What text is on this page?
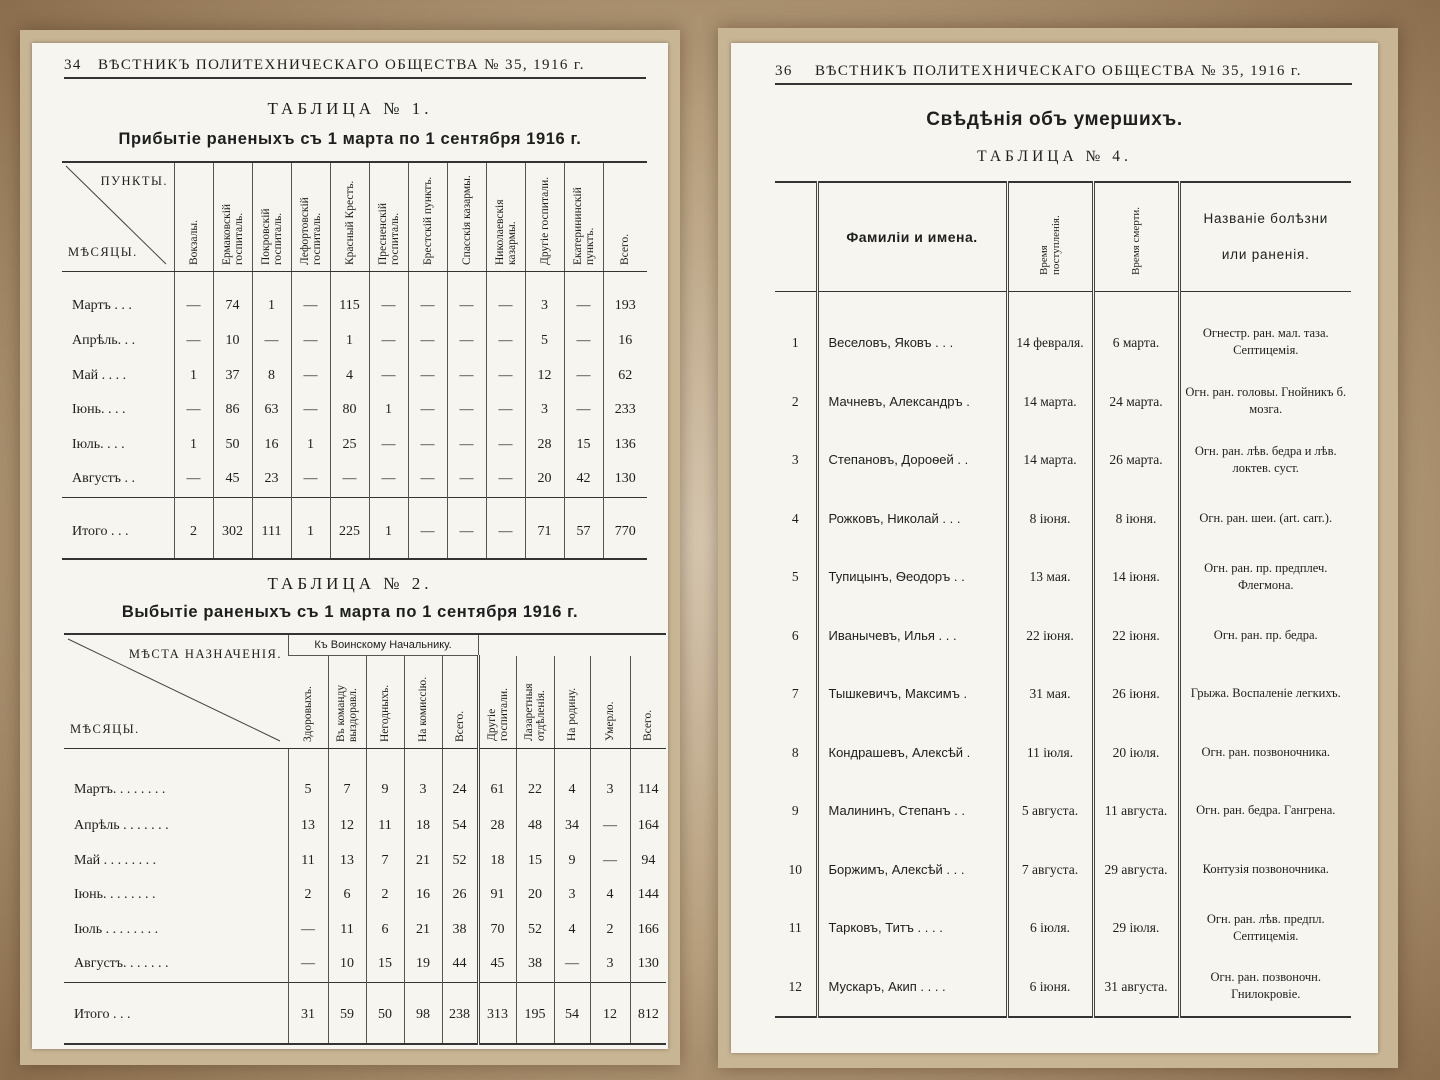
34 ВѢСТНИКЪ ПОЛИТЕХНИЧЕСКАГО ОБЩЕСТВА № 35, 1916 г.
ТАБЛИЦА № 1.
Прибытіе раненыхъ съ 1 марта по 1 сентября 1916 г.
ПУНКТЫ.
МѢСЯЦЫ.	Вокзалы.	Ермаковскій госпиталь.	Покровскій госпиталь.	Лефортовскій госпиталь.	Красный Крестъ.	Пресненскій госпиталь.	Брестскій пунктъ.	Спасскія казармы.	Николаевскія казармы.	Другіе госпитали.	Екатерининскій пунктъ.	Всего.
Мартъ . . .	—	74	1	—	115	—	—	—	—	3	—	193
Апрѣль. . .	—	10	—	—	1	—	—	—	—	5	—	16
Май . . . .	1	37	8	—	4	—	—	—	—	12	—	62
Іюнь. . . .	—	86	63	—	80	1	—	—	—	3	—	233
Іюль. . . .	1	50	16	1	25	—	—	—	—	28	15	136
Августъ . .	—	45	23	—	—	—	—	—	—	20	42	130
Итого . . .	2	302	111	1	225	1	—	—	—	71	57	770
ТАБЛИЦА № 2.
Выбытіе раненыхъ съ 1 марта по 1 сентября 1916 г.
МѢСТА НАЗНАЧЕНІЯ.
МѢСЯЦЫ.	Къ Воинскому Начальнику.									
	Здоровыхъ.	Въ команду выздоравл.	Негодныхъ.	На комиссію.	Всего.	Другіе госпитали.	Лазаретныя отдѣленія.	На родину.	Умерло.	Всего.
Мартъ. . . . . . . .	5	7	9	3	24	61	22	4	3	114
Апрѣль . . . . . . .	13	12	11	18	54	28	48	34	—	164
Май . . . . . . . .	11	13	7	21	52	18	15	9	—	94
Іюнь. . . . . . . .	2	6	2	16	26	91	20	3	4	144
Іюль . . . . . . . .	—	11	6	21	38	70	52	4	2	166
Августъ. . . . . . .	—	10	15	19	44	45	38	—	3	130
Итого . . .	31	59	50	98	238	313	195	54	12	812
36 ВѢСТНИКЪ ПОЛИТЕХНИЧЕСКАГО ОБЩЕСТВА № 35, 1916 г.
Свѣдѣнія объ умершихъ.
ТАБЛИЦА № 4.
	Фамиліи и имена.	Время поступленія.	Время смерти.	Названіе болѣзни
или раненія.

1	Веселовъ, Яковъ . . .	14 февраля.	6 марта.	Огнестр. ран. мал. таза. Септицемія.
2	Мачневъ, Александръ .	14 марта.	24 марта.	Огн. ран. головы. Гнойникъ б. мозга.
3	Степановъ, Дороѳей . .	14 марта.	26 марта.	Огн. ран. лѣв. бедра и лѣв. локтев. суст.
4	Рожковъ, Николай . . .	8 іюня.	8 іюня.	Огн. ран. шеи. (art. carr.).
5	Тупицынъ, Ѳеодоръ . .	13 мая.	14 іюня.	Огн. ран. пр. предплеч. Флегмона.
6	Иванычевъ, Илья . . .	22 іюня.	22 іюня.	Огн. ран. пр. бедра.
7	Тышкевичъ, Максимъ .	31 мая.	26 іюня.	Грыжа. Воспаленіе легкихъ.
8	Кондрашевъ, Алексѣй .	11 іюля.	20 іюля.	Огн. ран. позвоночника.
9	Малининъ, Степанъ . .	5 августа.	11 августа.	Огн. ран. бедра. Гангрена.
10	Боржимъ, Алексѣй . . .	7 августа.	29 августа.	Контузія позвоночника.
11	Тарковъ, Титъ . . . .	6 іюля.	29 іюля.	Огн. ран. лѣв. предпл. Септицемія.
12	Мускаръ, Акип . . . .	6 іюня.	31 августа.	Огн. ран. позвоночн. Гнилокровіе.
